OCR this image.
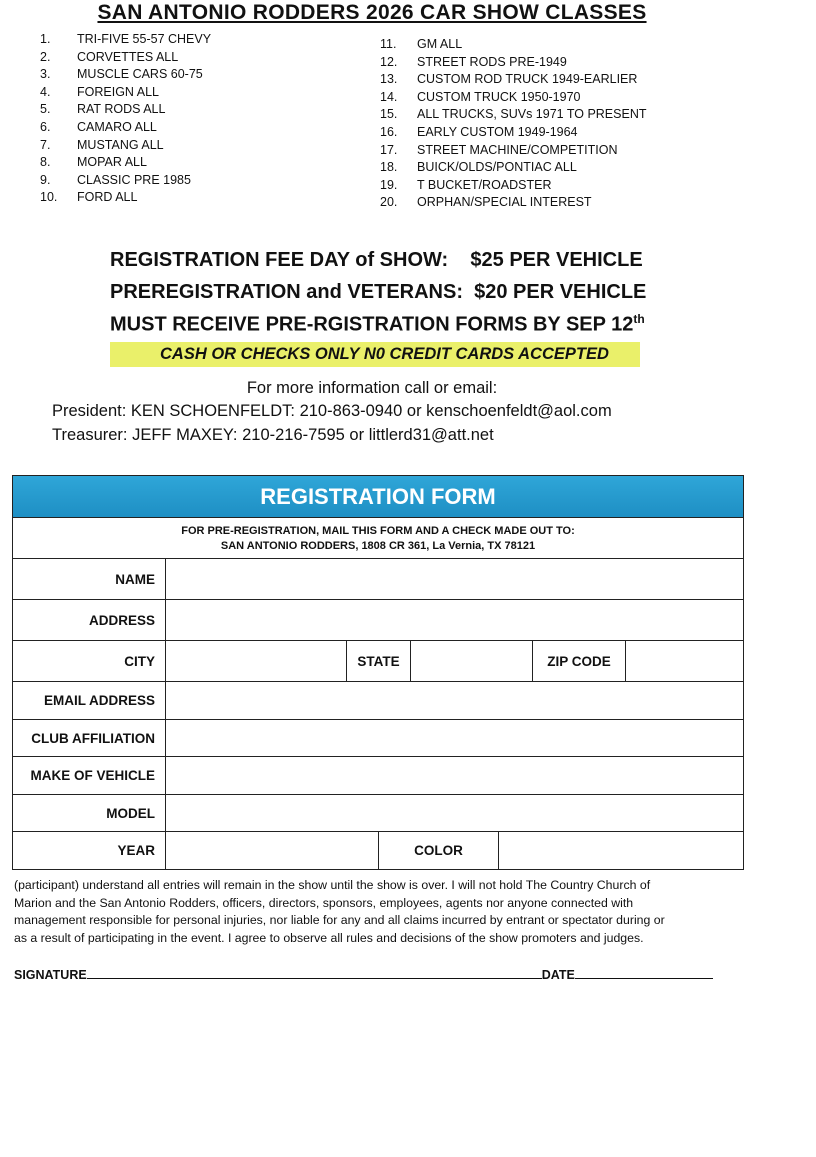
SAN ANTONIO RODDERS 2026 CAR SHOW CLASSES
1. TRI-FIVE 55-57 CHEVY
2. CORVETTES ALL
3. MUSCLE CARS 60-75
4. FOREIGN ALL
5. RAT RODS ALL
6. CAMARO ALL
7. MUSTANG ALL
8. MOPAR ALL
9. CLASSIC PRE 1985
10. FORD ALL
11. GM ALL
12. STREET RODS PRE-1949
13. CUSTOM ROD TRUCK 1949-EARLIER
14. CUSTOM TRUCK 1950-1970
15. ALL TRUCKS, SUVs 1971 TO PRESENT
16. EARLY CUSTOM 1949-1964
17. STREET MACHINE/COMPETITION
18. BUICK/OLDS/PONTIAC ALL
19. T BUCKET/ROADSTER
20. ORPHAN/SPECIAL INTEREST
REGISTRATION FEE DAY of SHOW:    $25 PER VEHICLE
PREREGISTRATION and VETERANS:  $20 PER VEHICLE
MUST RECEIVE PRE-RGISTRATION FORMS BY SEP 12th
CASH OR CHECKS ONLY N0 CREDIT CARDS ACCEPTED
For more information call or email:
President: KEN SCHOENFELDT: 210-863-0940 or kenschoenfeldt@aol.com
Treasurer: JEFF MAXEY: 210-216-7595 or littlerd31@att.net
REGISTRATION FORM
FOR PRE-REGISTRATION, MAIL THIS FORM AND A CHECK MADE OUT TO:
SAN ANTONIO RODDERS, 1808 CR 361, La Vernia, TX 78121
NAME
ADDRESS
CITY	STATE	ZIP CODE
EMAIL ADDRESS
CLUB AFFILIATION
MAKE OF VEHICLE
MODEL
YEAR	COLOR
(participant) understand all entries will remain in the show until the show is over. I will not hold The Country Church of
Marion and the San Antonio Rodders, officers, directors, sponsors, employees, agents nor anyone connected with
management responsible for personal injuries, nor liable for any and all claims incurred by entrant or spectator during or
as a result of participating in the event. I agree to observe all rules and decisions of the show promoters and judges.
SIGNATURE	DATE
